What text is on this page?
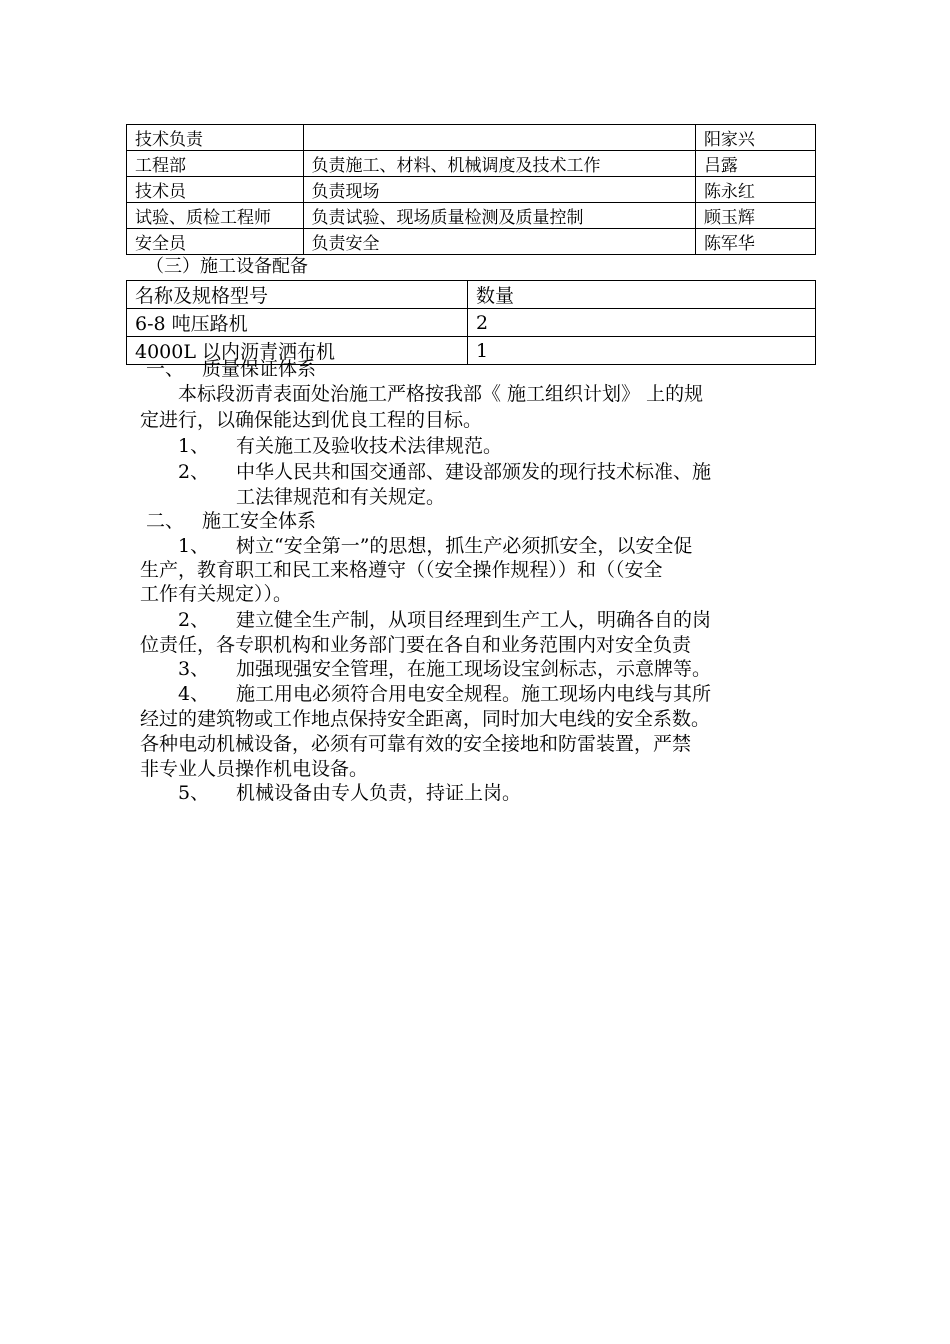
技术负责		阳家兴
工程部	负责施工、材料、机械调度及技术工作	吕露
技术员	负责现场	陈永红
试验、质检工程师	负责试验、现场质量检测及质量控制	顾玉辉
安全员	负责安全	陈军华
（三）施工设备配备
名称及规格型号	数量
6-8 吨压路机	2
4000L 以内沥青洒布机	1
一、 质量保证体系
本标段沥青表面处治施工严格按我部《 施工组织计划》 上的规
定进行，以确保能达到优良工程的目标。
1、 有关施工及验收技术法律规范。
2、 中华人民共和国交通部、建设部颁发的现行技术标准、施
工法律规范和有关规定。
二、 施工安全体系
1、 树立“安全第一”的思想，抓生产必须抓安全，以安全促
生产，教育职工和民工来格遵守（（安全操作规程））和（（安全
工作有关规定））。
2、 建立健全生产制，从项目经理到生产工人，明确各自的岗
位责任，各专职机构和业务部门要在各自和业务范围内对安全负责
3、 加强现强安全管理，在施工现场设宝剑标志，示意牌等。
4、 施工用电必须符合用电安全规程。施工现场内电线与其所
经过的建筑物或工作地点保持安全距离，同时加大电线的安全系数。
各种电动机械设备，必须有可靠有效的安全接地和防雷装置，严禁
非专业人员操作机电设备。
5、 机械设备由专人负责，持证上岗。
